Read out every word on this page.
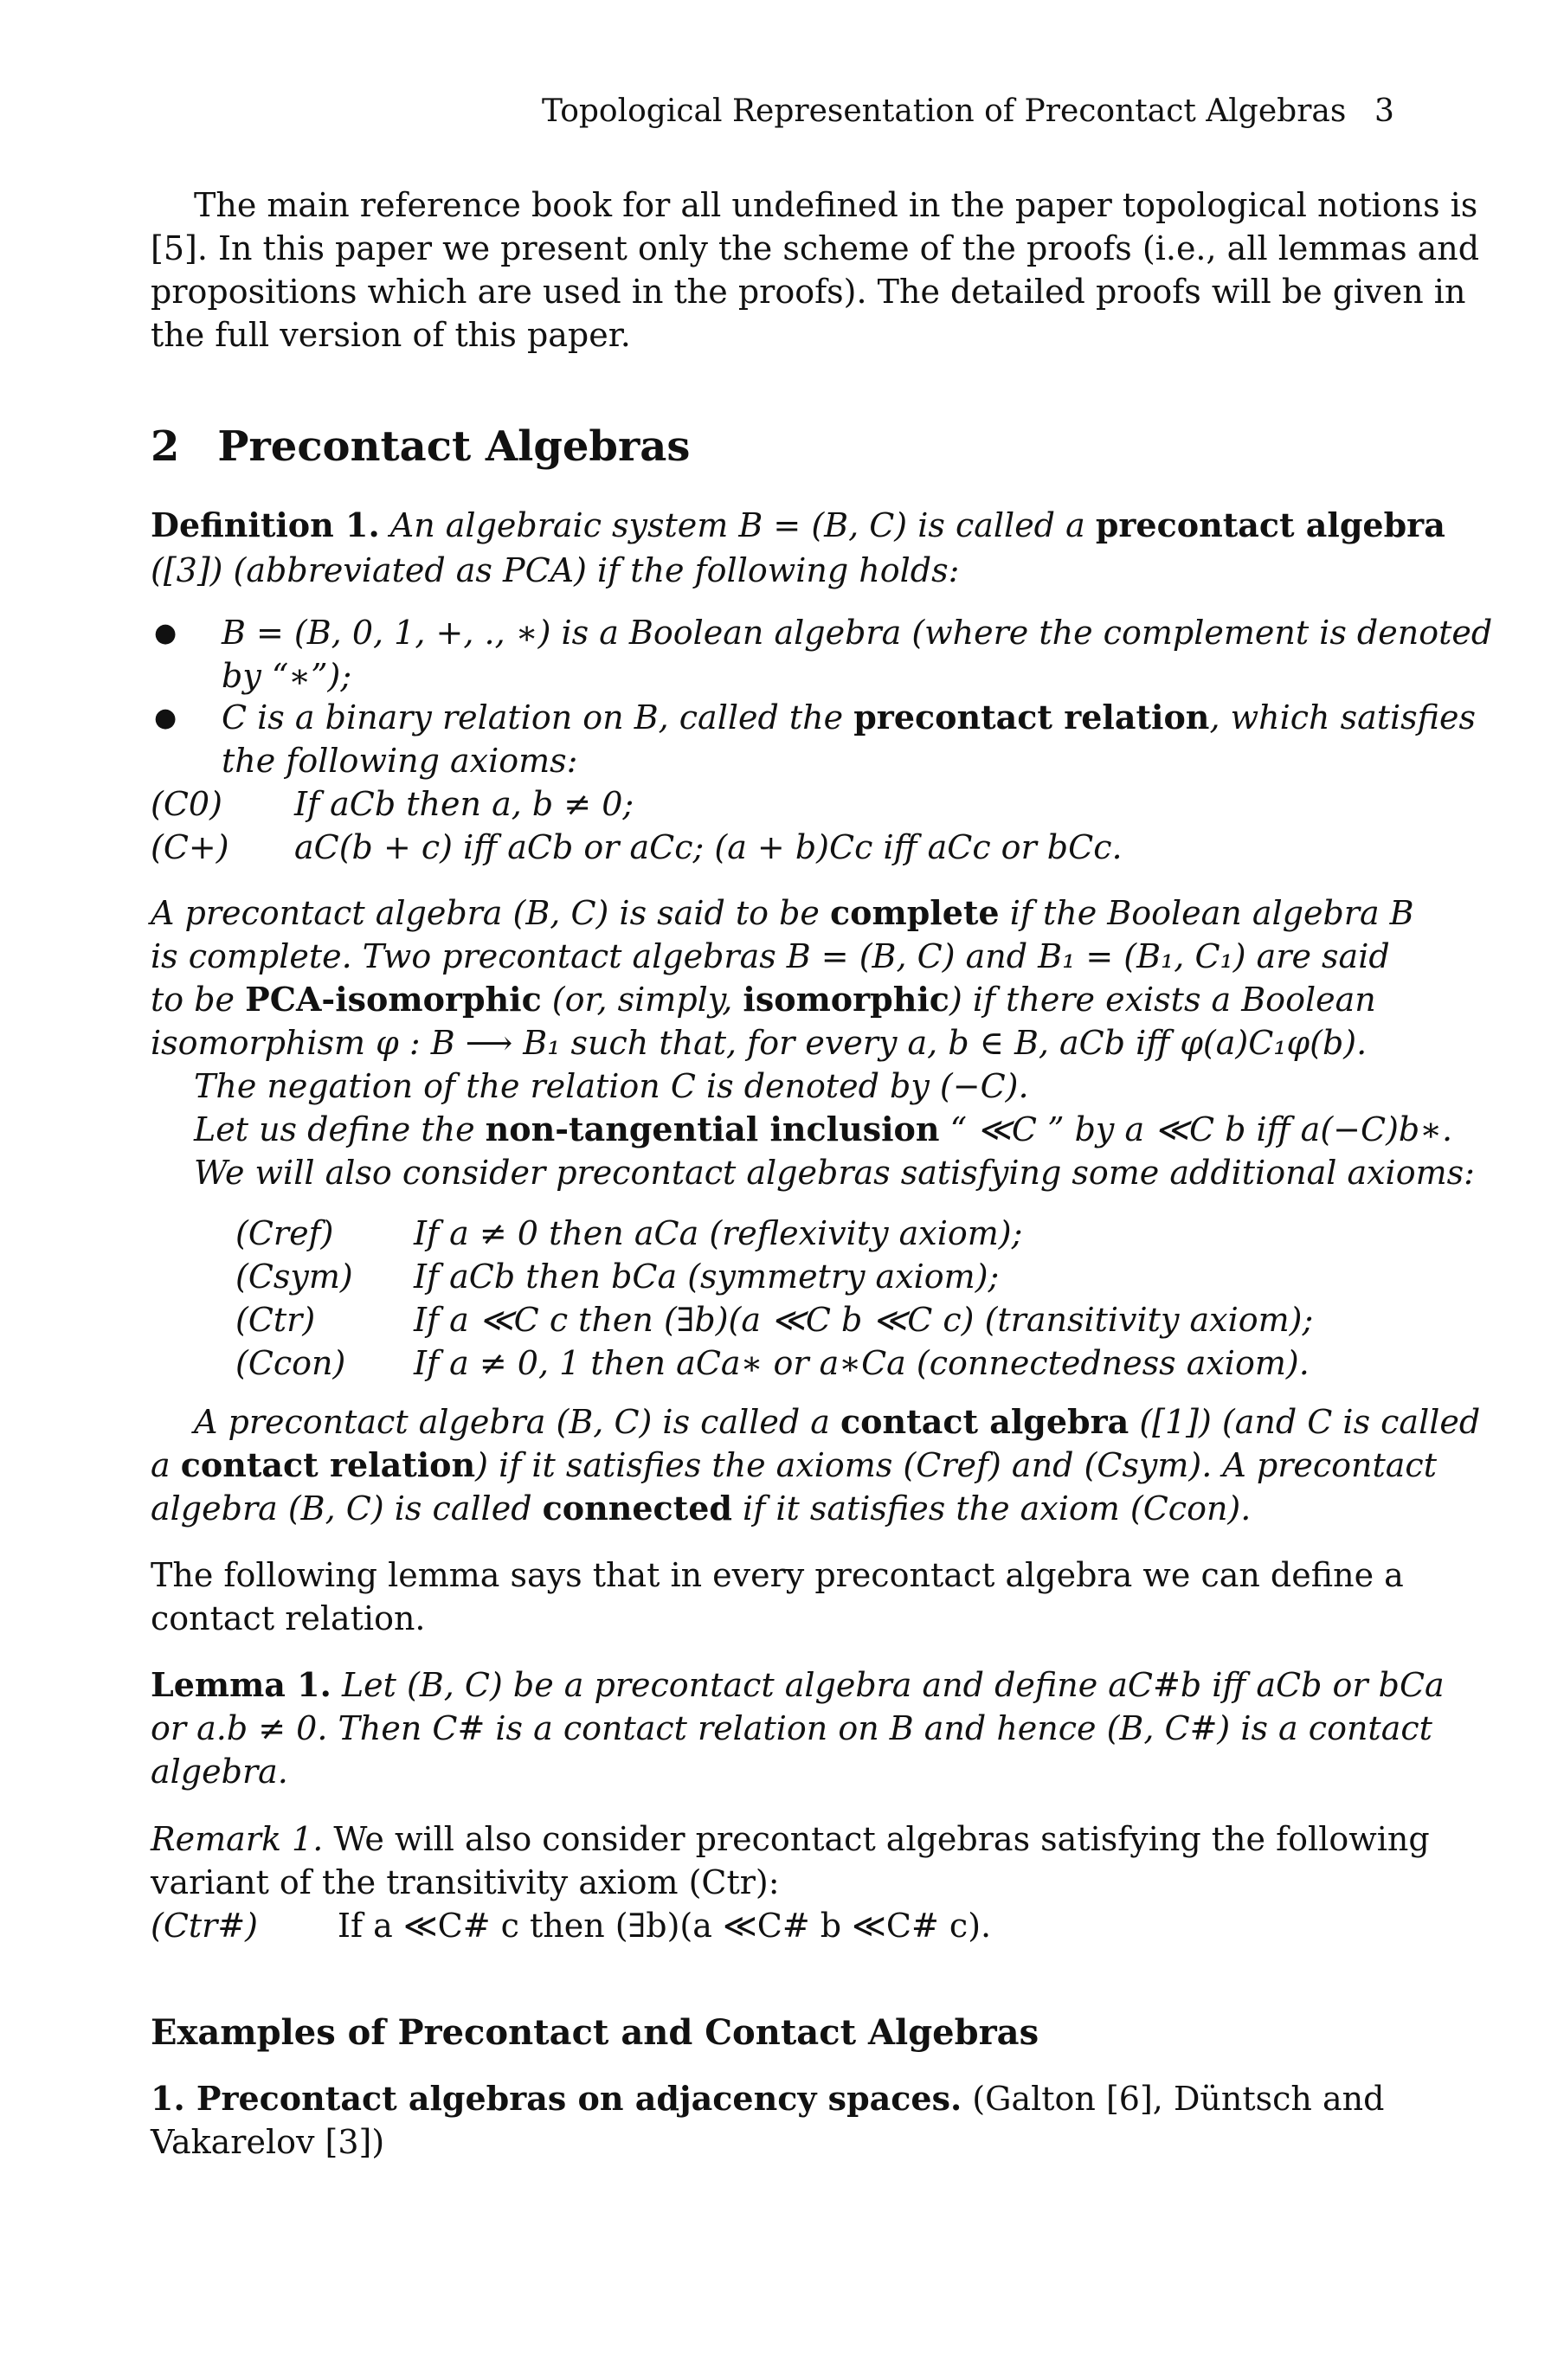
Topological Representation of Precontact Algebras 3
The main reference book for all undefined in the paper topological notions is
[5]. In this paper we present only the scheme of the proofs (i.e., all lemmas and
propositions which are used in the proofs). The detailed proofs will be given in
the full version of this paper.
2 Precontact Algebras
Definition 1. An algebraic system B = (B, C) is called a precontact algebra
([3]) (abbreviated as PCA) if the following holds:
● B = (B, 0, 1, +, ., ∗) is a Boolean algebra (where the complement is denoted
by “∗”);
● C is a binary relation on B, called the precontact relation, which satisfies
the following axioms:
(C0) If aCb then a, b ≠ 0;
(C+) aC(b + c) iff aCb or aCc; (a + b)Cc iff aCc or bCc.
A precontact algebra (B, C) is said to be complete if the Boolean algebra B
is complete. Two precontact algebras B = (B, C) and B₁ = (B₁, C₁) are said
to be PCA-isomorphic (or, simply, isomorphic) if there exists a Boolean
isomorphism φ : B ⟶ B₁ such that, for every a, b ∈ B, aCb iff φ(a)C₁φ(b).
The negation of the relation C is denoted by (−C).
Let us define the non-tangential inclusion “ ≪C ” by a ≪C b iff a(−C)b∗.
We will also consider precontact algebras satisfying some additional axioms:
(Cref) If a ≠ 0 then aCa (reflexivity axiom);
(Csym) If aCb then bCa (symmetry axiom);
(Ctr)	If a ≪C c then (∃b)(a ≪C b ≪C c) (transitivity axiom);
(Ccon) If a ≠ 0, 1 then aCa∗ or a∗Ca (connectedness axiom).
A precontact algebra (B, C) is called a contact algebra ([1]) (and C is called
a contact relation) if it satisfies the axioms (Cref) and (Csym). A precontact
algebra (B, C) is called connected if it satisfies the axiom (Ccon).
The following lemma says that in every precontact algebra we can define a
contact relation.
Lemma 1. Let (B, C) be a precontact algebra and define aC#b iff aCb or bCa
or a.b ≠ 0. Then C# is a contact relation on B and hence (B, C#) is a contact
algebra.
Remark 1. We will also consider precontact algebras satisfying the following
variant of the transitivity axiom (Ctr):
(Ctr#) If a ≪C# c then (∃b)(a ≪C# b ≪C# c).
Examples of Precontact and Contact Algebras
1. Precontact algebras on adjacency spaces. (Galton [6], Düntsch and
Vakarelov [3])
